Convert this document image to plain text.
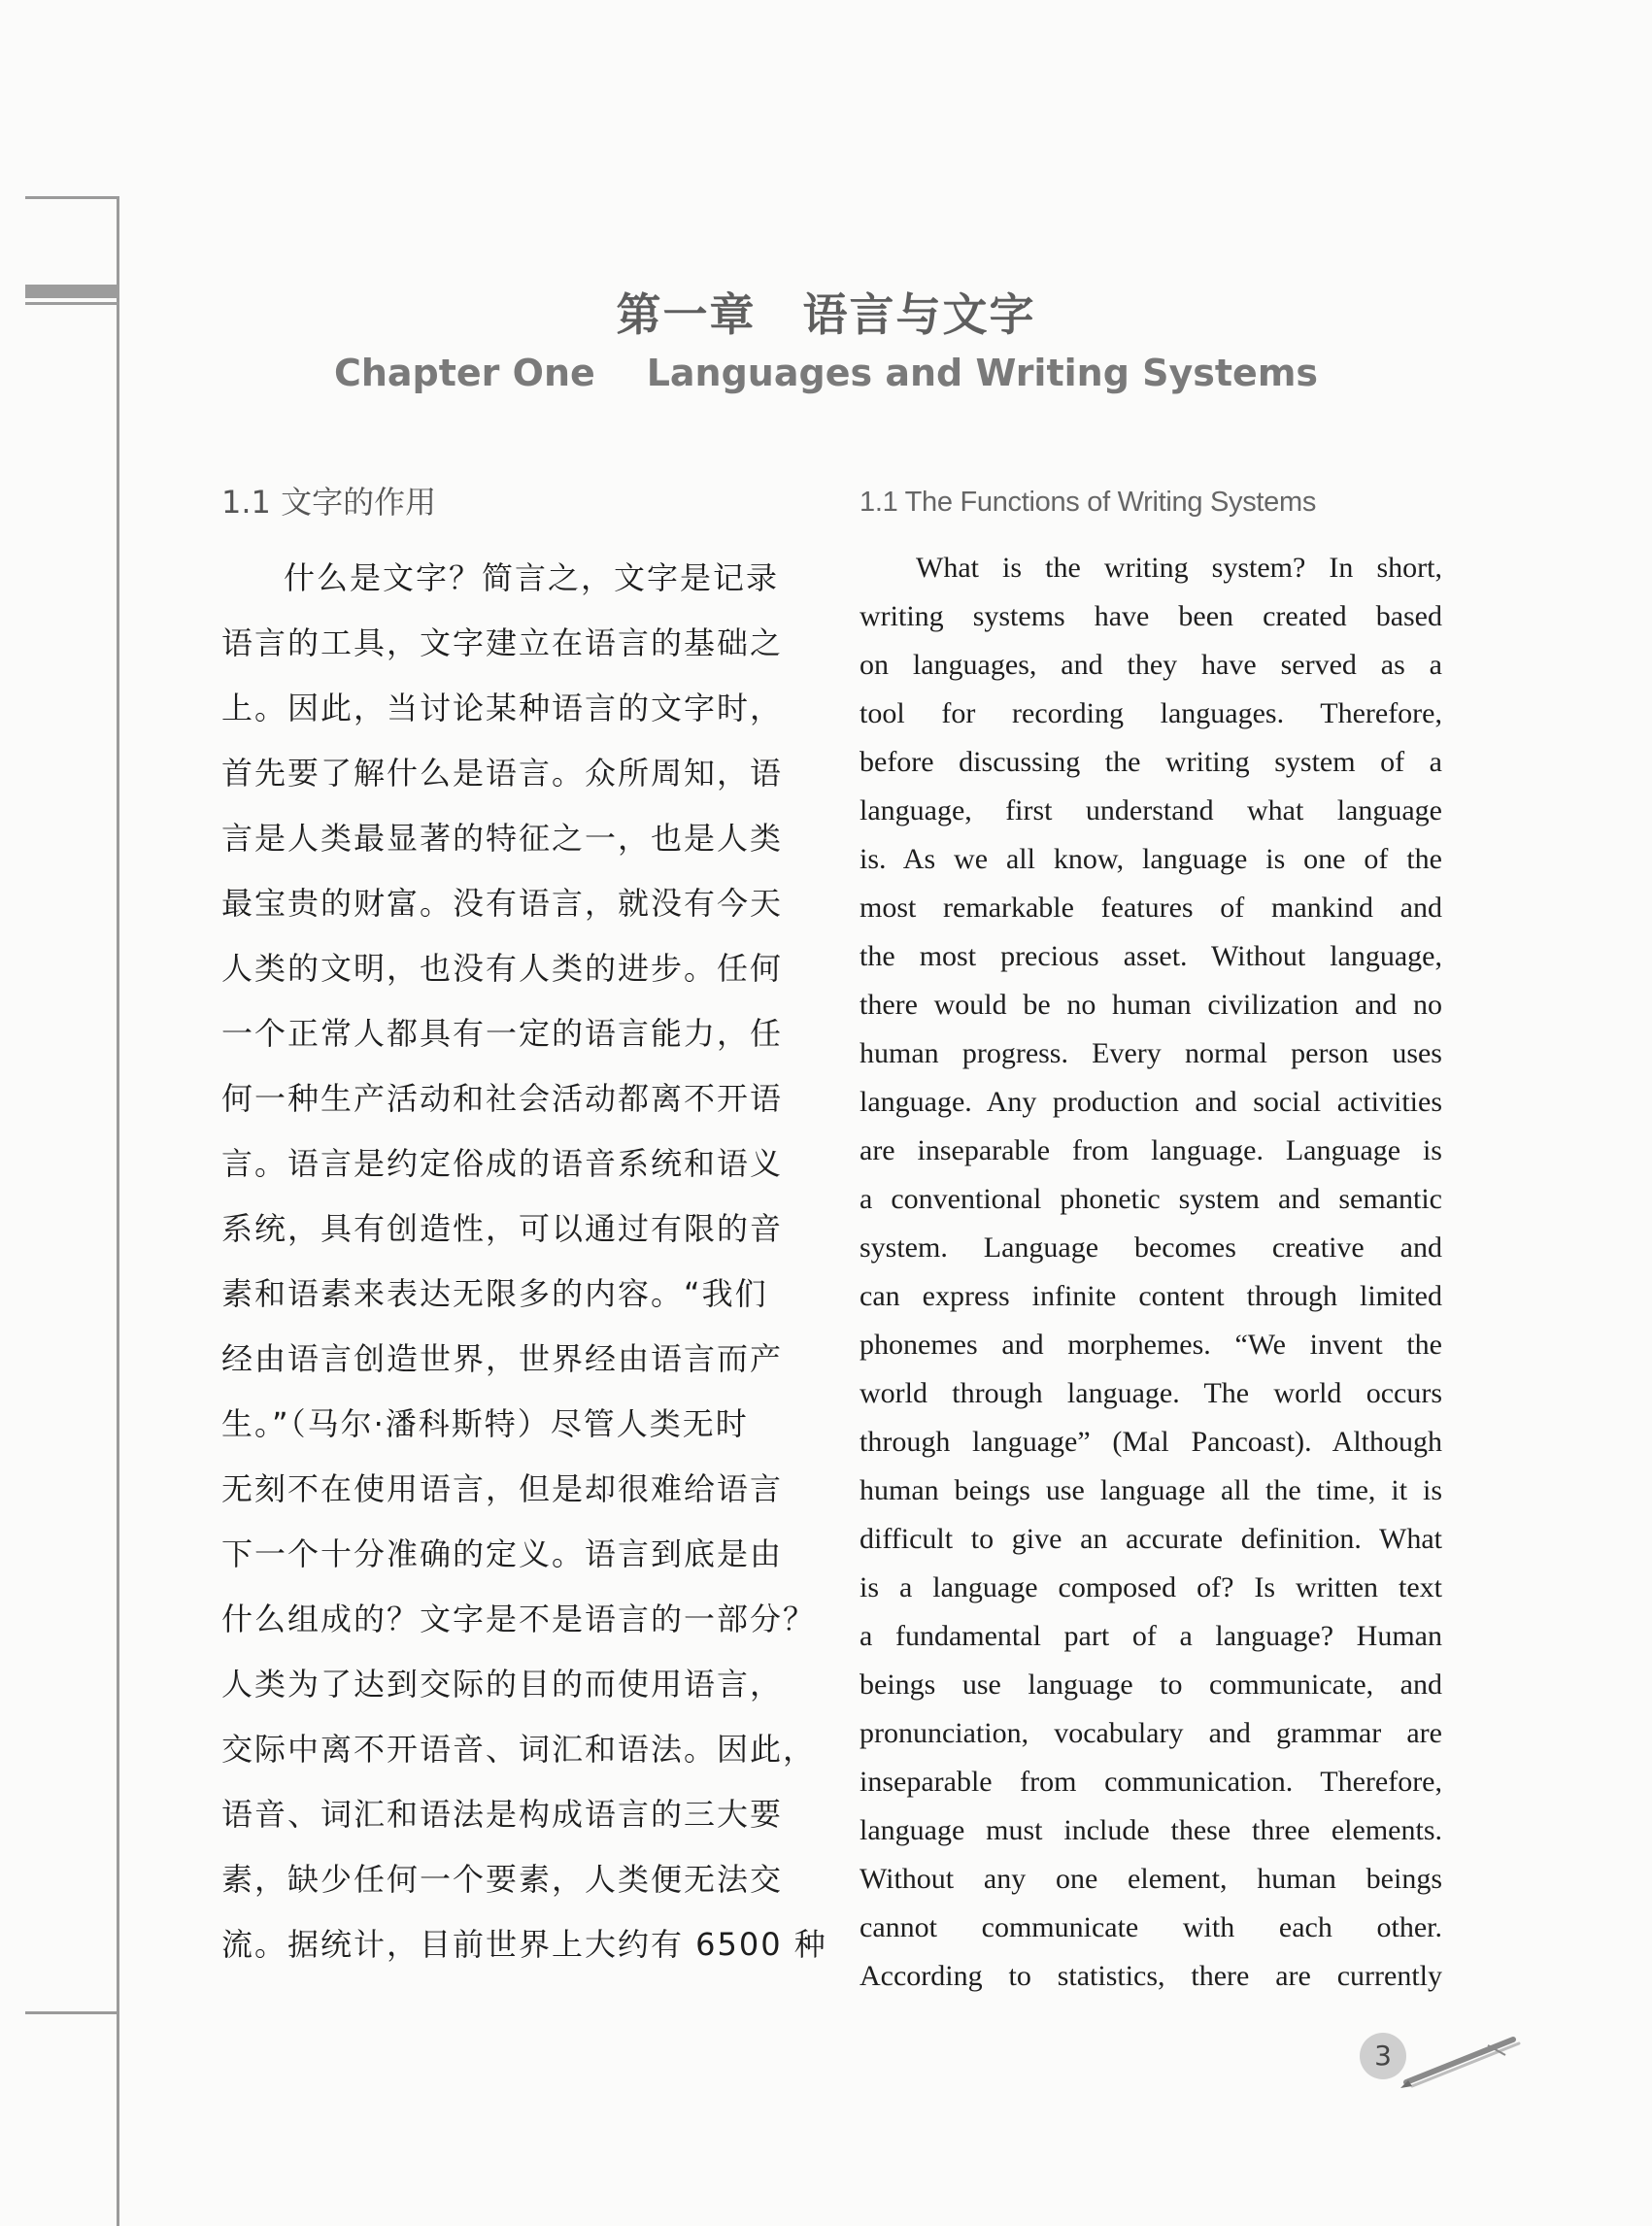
第一章　语言与文字
Chapter One    Languages and Writing Systems
1.1 文字的作用
什么是文字？简言之，文字是记录
语言的工具，文字建立在语言的基础之
上。因此，当讨论某种语言的文字时，
首先要了解什么是语言。众所周知，语
言是人类最显著的特征之一，也是人类
最宝贵的财富。没有语言，就没有今天
人类的文明，也没有人类的进步。任何
一个正常人都具有一定的语言能力，任
何一种生产活动和社会活动都离不开语
言。语言是约定俗成的语音系统和语义
系统，具有创造性，可以通过有限的音
素和语素来表达无限多的内容。“我们
经由语言创造世界，世界经由语言而产
生。”（马尔·潘科斯特）尽管人类无时
无刻不在使用语言，但是却很难给语言
下一个十分准确的定义。语言到底是由
什么组成的？文字是不是语言的一部分？
人类为了达到交际的目的而使用语言，
交际中离不开语音、词汇和语法。因此，
语音、词汇和语法是构成语言的三大要
素，缺少任何一个要素，人类便无法交
流。据统计，目前世界上大约有 6500 种
1.1 The Functions of Writing Systems
What is the writing system? In short,
writing systems have been created based
on languages, and they have served as a
tool for recording languages. Therefore,
before discussing the writing system of a
language, first understand what language
is. As we all know, language is one of the
most remarkable features of mankind and
the most precious asset. Without language,
there would be no human civilization and no
human progress. Every normal person uses
language. Any production and social activities
are inseparable from language. Language is
a conventional phonetic system and semantic
system. Language becomes creative and
can express infinite content through limited
phonemes and morphemes. “We invent the
world through language. The world occurs
through language” (Mal Pancoast). Although
human beings use language all the time, it is
difficult to give an accurate definition. What
is a language composed of? Is written text
a fundamental part of a language? Human
beings use language to communicate, and
pronunciation, vocabulary and grammar are
inseparable from communication. Therefore,
language must include these three elements.
Without any one element, human beings
cannot communicate with each other.
According to statistics, there are currently
3
